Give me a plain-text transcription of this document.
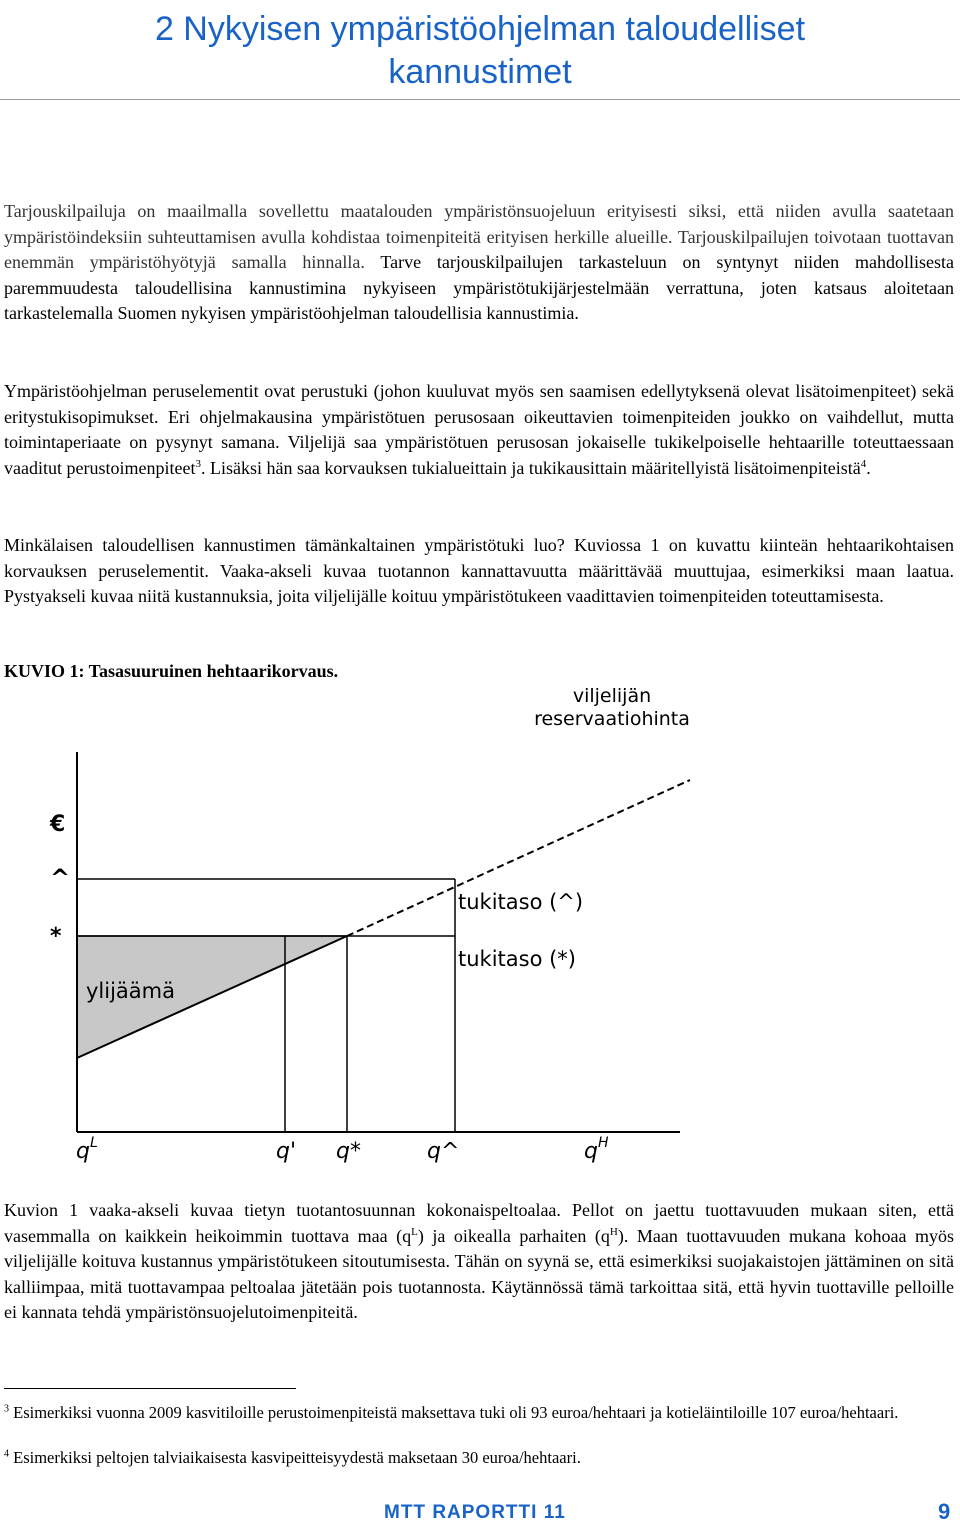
2 Nykyisen ympäristöohjelman taloudelliset
kannustimet

Tarjouskilpailuja on maailmalla sovellettu maatalouden ympäristönsuojeluun erityisesti siksi, että niiden avulla saatetaan ympäristöindeksiin suhteuttamisen avulla kohdistaa toimenpiteitä erityisen herkille alueille. Tarjouskilpailujen toivotaan tuottavan enemmän ympäristöhyötyjä samalla hinnalla. Tarve tarjouskilpailujen tarkasteluun on syntynyt niiden mahdollisesta paremmuudesta taloudellisina kannustimina nykyiseen ympäristötukijärjestelmään verrattuna, joten katsaus aloitetaan tarkastelemalla Suomen nykyisen ympäristöohjelman taloudellisia kannustimia.

Ympäristöohjelman peruselementit ovat perustuki (johon kuuluvat myös sen saamisen edellytyksenä olevat lisätoimenpiteet) sekä eritystukisopimukset. Eri ohjelmakausina ympäristötuen perusosaan oikeuttavien toimenpiteiden joukko on vaihdellut, mutta toimintaperiaate on pysynyt samana. Viljelijä saa ympäristötuen perusosan jokaiselle tukikelpoiselle hehtaarille toteuttaessaan vaaditut perustoimenpiteet$^3$. Lisäksi hän saa korvauksen tukialueittain ja tukikausittain määritellyistä lisätoimenpiteistä$^4$.

Minkälaisen taloudellisen kannustimen tämänkaltainen ympäristötuki luo? Kuviossa 1 on kuvattu kiinteän hehtaarikohtaisen korvauksen peruselementit. Vaaka-akseli kuvaa tuotannon kannattavuutta määrittävää muuttujaa, esimerkiksi maan laatua. Pystyakseli kuvaa niitä kustannuksia, joita viljelijälle koituu ympäristötukeen vaadittavien toimenpiteiden toteuttamisesta.

KUVIO 1: Tasasuuruinen hehtaarikorvaus.

viljelijän
reservaatiohinta
€
^
*
tukitaso (^)
tukitaso (*)
ylijäämä
$q^L$	q' q*	q^	$q^H$

Kuvion 1 vaaka-akseli kuvaa tietyn tuotantosuunnan kokonaispeltoalaa. Pellot on jaettu tuottavuuden mukaan siten, että vasemmalla on kaikkein heikoimmin tuottava maa $(q^L)$ ja oikealla parhaiten $(q^H)$. Maan tuottavuuden mukana kohoaa myös viljelijälle koituva kustannus ympäristötukeen sitoutumisesta. Tähän on syynä se, että esimerkiksi suojakaistojen jättäminen on sitä kalliimpaa, mitä tuottavampaa peltoalaa jätetään pois tuotannosta. Käytännössä tämä tarkoittaa sitä, että hyvin tuottaville pelloille ei kannata tehdä ympäristönsuojelutoimenpiteitä.

$^3$ Esimerkiksi vuonna 2009 kasvitiloille perustoimenpiteistä maksettava tuki oli 93 euroa/hehtaari ja kotieläintiloille 107 euroa/hehtaari.

$^4$ Esimerkiksi peltojen talviaikaisesta kasvipeitteisyydestä maksetaan 30 euroa/hehtaari.

MTT RAPORTTI 11	9
